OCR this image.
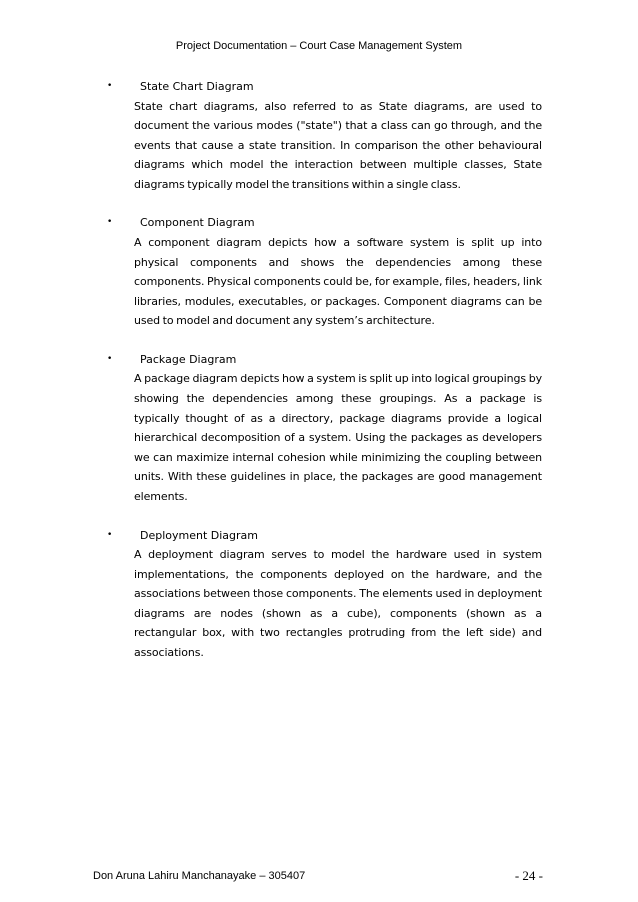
Project Documentation – Court Case Management System
•	State Chart Diagram
State chart diagrams, also referred to as State diagrams, are used to document the various modes ("state") that a class can go through, and the events that cause a state transition. In comparison the other behavioural diagrams which model the interaction between multiple classes, State diagrams typically model the transitions within a single class.
•	Component Diagram
A component diagram depicts how a software system is split up into physical components and shows the dependencies among these components. Physical components could be, for example, files, headers, link libraries, modules, executables, or packages. Component diagrams can be used to model and document any system’s architecture.
•	Package Diagram
A package diagram depicts how a system is split up into logical groupings by showing the dependencies among these groupings. As a package is typically thought of as a directory, package diagrams provide a logical hierarchical decomposition of a system. Using the packages as developers we can maximize internal cohesion while minimizing the coupling between units. With these guidelines in place, the packages are good management elements.
•	Deployment Diagram
A deployment diagram serves to model the hardware used in system implementations, the components deployed on the hardware, and the associations between those components. The elements used in deployment diagrams are nodes (shown as a cube), components (shown as a rectangular box, with two rectangles protruding from the left side) and associations.
Don Aruna Lahiru Manchanayake – 305407	- 24 -
